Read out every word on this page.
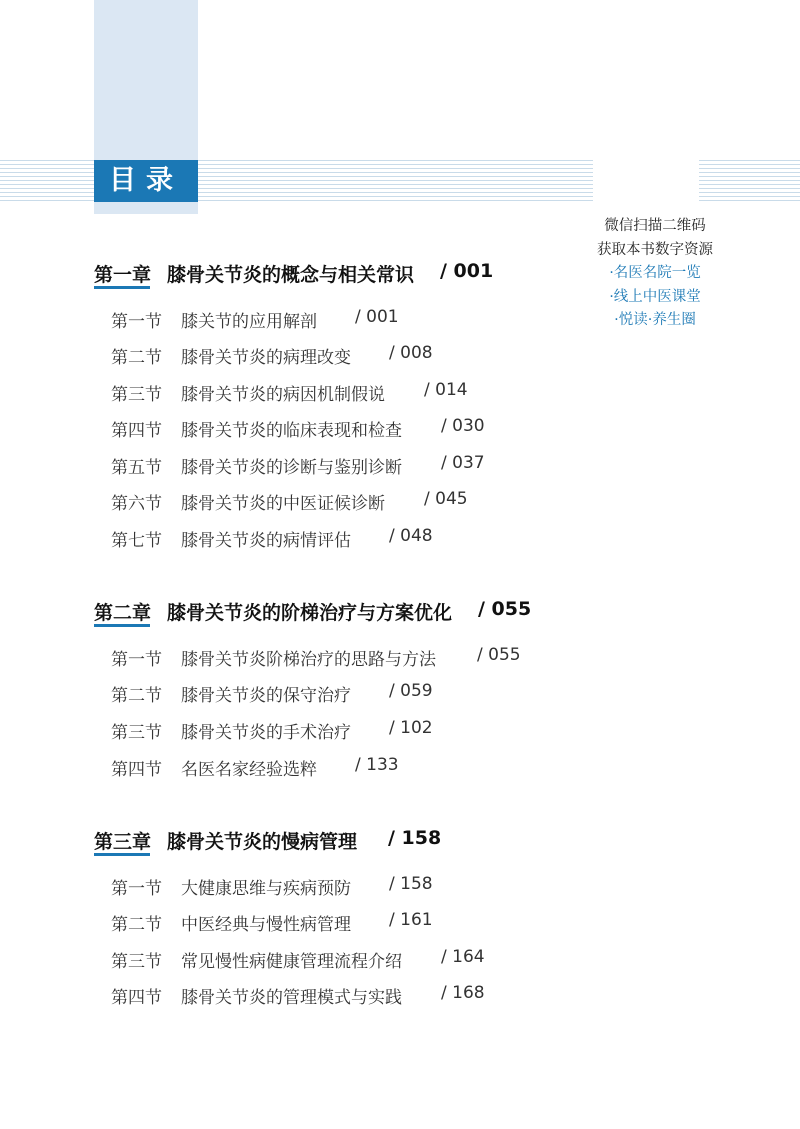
目录
微信扫描二维码
获取本书数字资源
·名医名院一览
·线上中医课堂
·悦读·养生圈
第一章 膝骨关节炎的概念与相关常识 / 001
第一节 膝关节的应用解剖 / 001
第二节 膝骨关节炎的病理改变 / 008
第三节 膝骨关节炎的病因机制假说 / 014
第四节 膝骨关节炎的临床表现和检查 / 030
第五节 膝骨关节炎的诊断与鉴别诊断 / 037
第六节 膝骨关节炎的中医证候诊断 / 045
第七节 膝骨关节炎的病情评估 / 048
第二章 膝骨关节炎的阶梯治疗与方案优化 / 055
第一节 膝骨关节炎阶梯治疗的思路与方法 / 055
第二节 膝骨关节炎的保守治疗 / 059
第三节 膝骨关节炎的手术治疗 / 102
第四节 名医名家经验选粹 / 133
第三章 膝骨关节炎的慢病管理 / 158
第一节 大健康思维与疾病预防 / 158
第二节 中医经典与慢性病管理 / 161
第三节 常见慢性病健康管理流程介绍 / 164
第四节 膝骨关节炎的管理模式与实践 / 168
